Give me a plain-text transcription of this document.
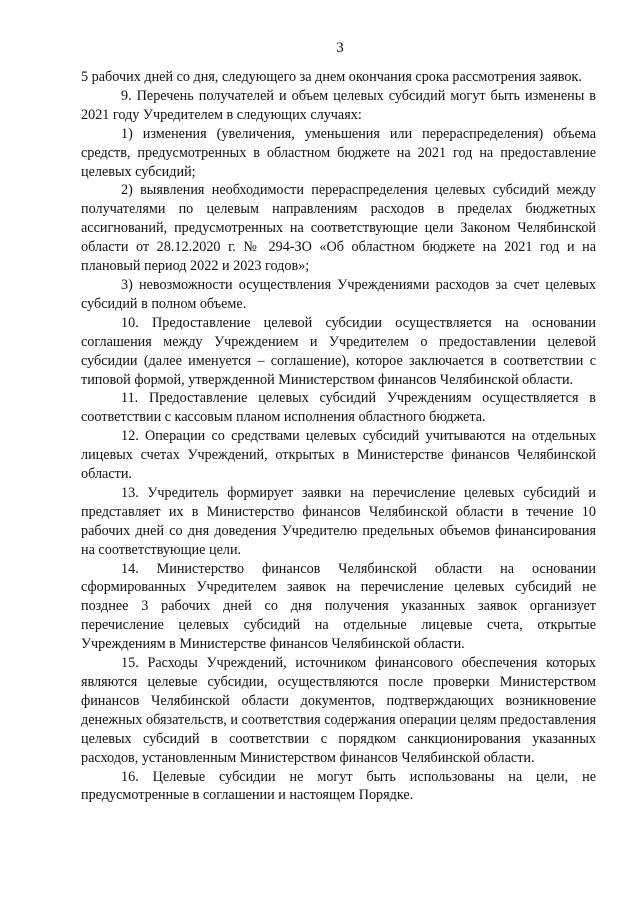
3

5 рабочих дней со дня, следующего за днем окончания срока рассмотрения заявок.

9. Перечень получателей и объем целевых субсидий могут быть изменены в 2021 году Учредителем в следующих случаях:

1) изменения (увеличения, уменьшения или перераспределения) объема средств, предусмотренных в областном бюджете на 2021 год на предоставление целевых субсидий;

2) выявления необходимости перераспределения целевых субсидий между получателями по целевым направлениям расходов в пределах бюджетных ассигнований, предусмотренных на соответствующие цели Законом Челябинской области от 28.12.2020 г. № 294-ЗО «Об областном бюджете на 2021 год и на плановый период 2022 и 2023 годов»;

3) невозможности осуществления Учреждениями расходов за счет целевых субсидий в полном объеме.

10. Предоставление целевой субсидии осуществляется на основании соглашения между Учреждением и Учредителем о предоставлении целевой субсидии (далее именуется – соглашение), которое заключается в соответствии с типовой формой, утвержденной Министерством финансов Челябинской области.

11. Предоставление целевых субсидий Учреждениям осуществляется в соответствии с кассовым планом исполнения областного бюджета.

12. Операции со средствами целевых субсидий учитываются на отдельных лицевых счетах Учреждений, открытых в Министерстве финансов Челябинской области.

13. Учредитель формирует заявки на перечисление целевых субсидий и представляет их в Министерство финансов Челябинской области в течение 10 рабочих дней со дня доведения Учредителю предельных объемов финансирования на соответствующие цели.

14. Министерство финансов Челябинской области на основании сформированных Учредителем заявок на перечисление целевых субсидий не позднее 3 рабочих дней со дня получения указанных заявок организует перечисление целевых субсидий на отдельные лицевые счета, открытые Учреждениям в Министерстве финансов Челябинской области.

15. Расходы Учреждений, источником финансового обеспечения которых являются целевые субсидии, осуществляются после проверки Министерством финансов Челябинской области документов, подтверждающих возникновение денежных обязательств, и соответствия содержания операции целям предоставления целевых субсидий в соответствии с порядком санкционирования указанных расходов, установленным Министерством финансов Челябинской области.

16. Целевые субсидии не могут быть использованы на цели, не предусмотренные в соглашении и настоящем Порядке.
